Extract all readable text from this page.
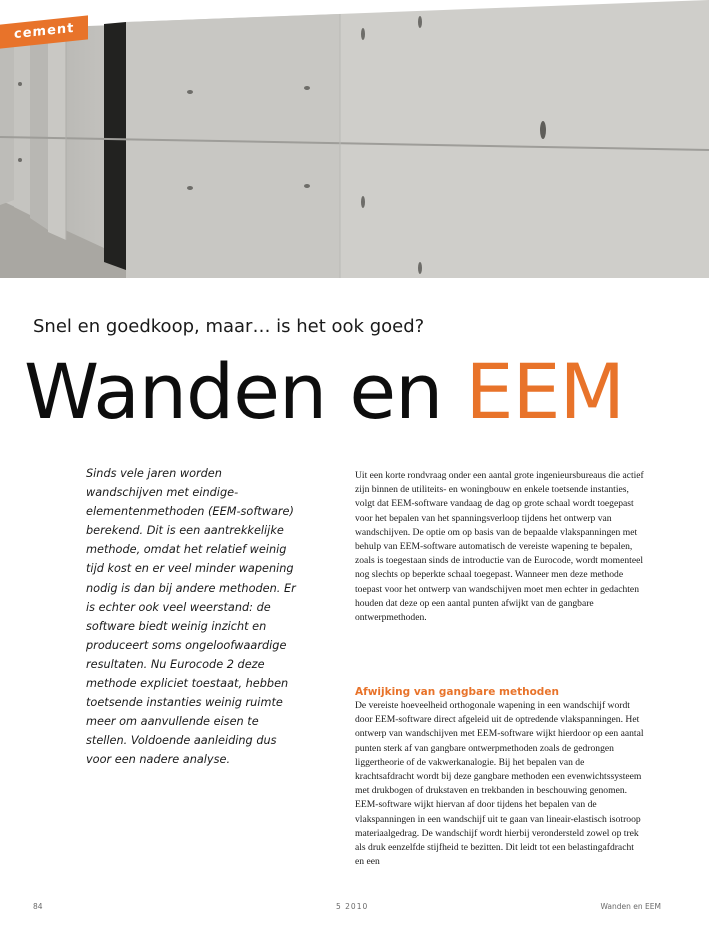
cement
Snel en goedkoop, maar… is het ook goed?
Wanden en EEM
Sinds vele jaren worden wandschijven met eindige-elementenmethoden (EEM-software) berekend. Dit is een aantrekkelijke methode, omdat het relatief weinig tijd kost en er veel minder wapening nodig is dan bij andere methoden. Er is echter ook veel weerstand: de software biedt weinig inzicht en produceert soms ongeloofwaardige resultaten. Nu Eurocode 2 deze methode expliciet toestaat, hebben toetsende instanties weinig ruimte meer om aanvullende eisen te stellen. Voldoende aanleiding dus voor een nadere analyse.

Uit een korte rondvraag onder een aantal grote ingenieursbureaus die actief zijn binnen de utiliteits- en woningbouw en enkele toetsende instanties, volgt dat EEM-software vandaag de dag op grote schaal wordt toegepast voor het bepalen van het spanningsverloop tijdens het ontwerp van wandschijven. De optie om op basis van de bepaalde vlakspanningen met behulp van EEM-software automatisch de vereiste wapening te bepalen, zoals is toegestaan sinds de introductie van de Eurocode, wordt momenteel nog slechts op beperkte schaal toegepast. Wanneer men deze methode toepast voor het ontwerp van wandschijven moet men echter in gedachten houden dat deze op een aantal punten afwijkt van de gangbare ontwerpmethoden.

Afwijking van gangbare methoden

De vereiste hoeveelheid orthogonale wapening in een wandschijf wordt door EEM-software direct afgeleid uit de optredende vlakspanningen. Het ontwerp van wandschijven met EEM-software wijkt hierdoor op een aantal punten sterk af van gangbare ontwerpmethoden zoals de gedrongen liggertheorie of de vakwerkanalogie. Bij het bepalen van de krachtsafdracht wordt bij deze gangbare methoden een evenwichtssysteem met drukbogen of drukstaven en trekbanden in beschouwing genomen. EEM-software wijkt hiervan af door tijdens het bepalen van de vlakspanningen in een wandschijf uit te gaan van lineair-elastisch isotroop materiaalgedrag. De wandschijf wordt hierbij verondersteld zowel op trek als druk eenzelfde stijfheid te bezitten. Dit leidt tot een belastingafdracht en een

84	5 2010	Wanden en EEM
